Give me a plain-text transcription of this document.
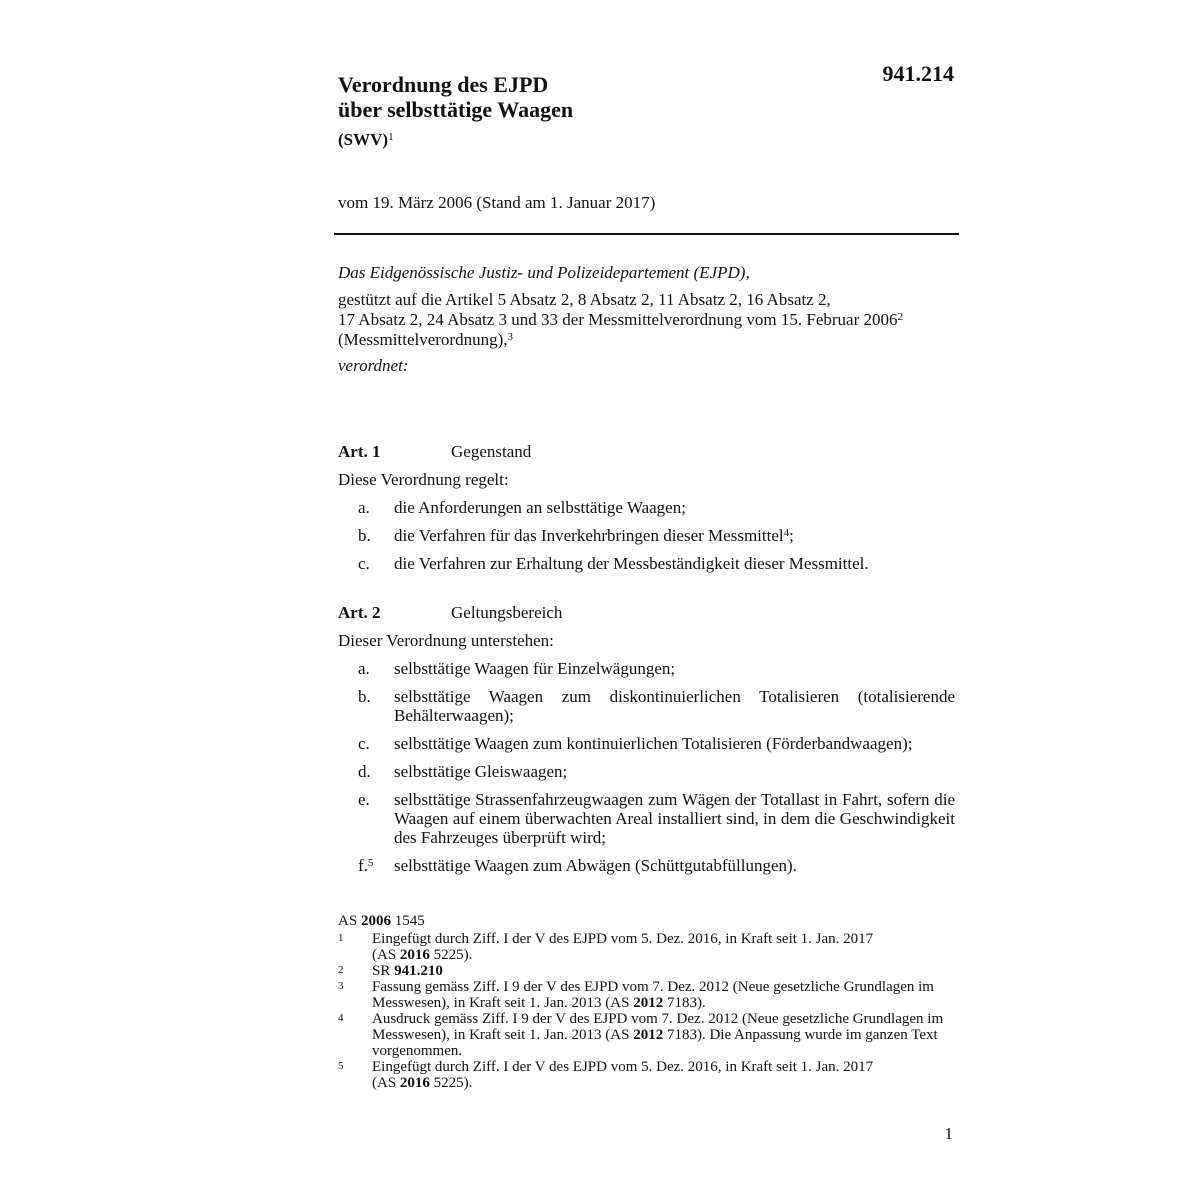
941.214
Verordnung des EJPD
über selbsttätige Waagen
(SWV)$^1$
vom 19. März 2006 (Stand am 1. Januar 2017)
Das Eidgenössische Justiz- und Polizeidepartement (EJPD),
gestützt auf die Artikel 5 Absatz 2, 8 Absatz 2, 11 Absatz 2, 16 Absatz 2,
17 Absatz 2, 24 Absatz 3 und 33 der Messmittelverordnung vom 15. Februar 2006$^2$
(Messmittelverordnung),$^3$
verordnet:
Art. 1	Gegenstand
Diese Verordnung regelt:
a.	die Anforderungen an selbsttätige Waagen;
b.	die Verfahren für das Inverkehrbringen dieser Messmittel$^4$;
c.	die Verfahren zur Erhaltung der Messbeständigkeit dieser Messmittel.
Art. 2	Geltungsbereich
Dieser Verordnung unterstehen:
a.	selbsttätige Waagen für Einzelwägungen;
b.	selbsttätige Waagen zum diskontinuierlichen Totalisieren (totalisierende Behälterwaagen);
c.	selbsttätige Waagen zum kontinuierlichen Totalisieren (Förderbandwaagen);
d.	selbsttätige Gleiswaagen;
e.	selbsttätige Strassenfahrzeugwaagen zum Wägen der Totallast in Fahrt, sofern die Waagen auf einem überwachten Areal installiert sind, in dem die Geschwindigkeit des Fahrzeuges überprüft wird;
f.$^5$	selbsttätige Waagen zum Abwägen (Schüttgutabfüllungen).
AS 2006 1545
1	Eingefügt durch Ziff. I der V des EJPD vom 5. Dez. 2016, in Kraft seit 1. Jan. 2017
(AS 2016 5225).
2	SR 941.210
3	Fassung gemäss Ziff. I 9 der V des EJPD vom 7. Dez. 2012 (Neue gesetzliche Grundlagen im Messwesen), in Kraft seit 1. Jan. 2013 (AS 2012 7183).
4	Ausdruck gemäss Ziff. I 9 der V des EJPD vom 7. Dez. 2012 (Neue gesetzliche Grundlagen im Messwesen), in Kraft seit 1. Jan. 2013 (AS 2012 7183). Die Anpassung wurde im ganzen Text vorgenommen.
5	Eingefügt durch Ziff. I der V des EJPD vom 5. Dez. 2016, in Kraft seit 1. Jan. 2017
(AS 2016 5225).
1
